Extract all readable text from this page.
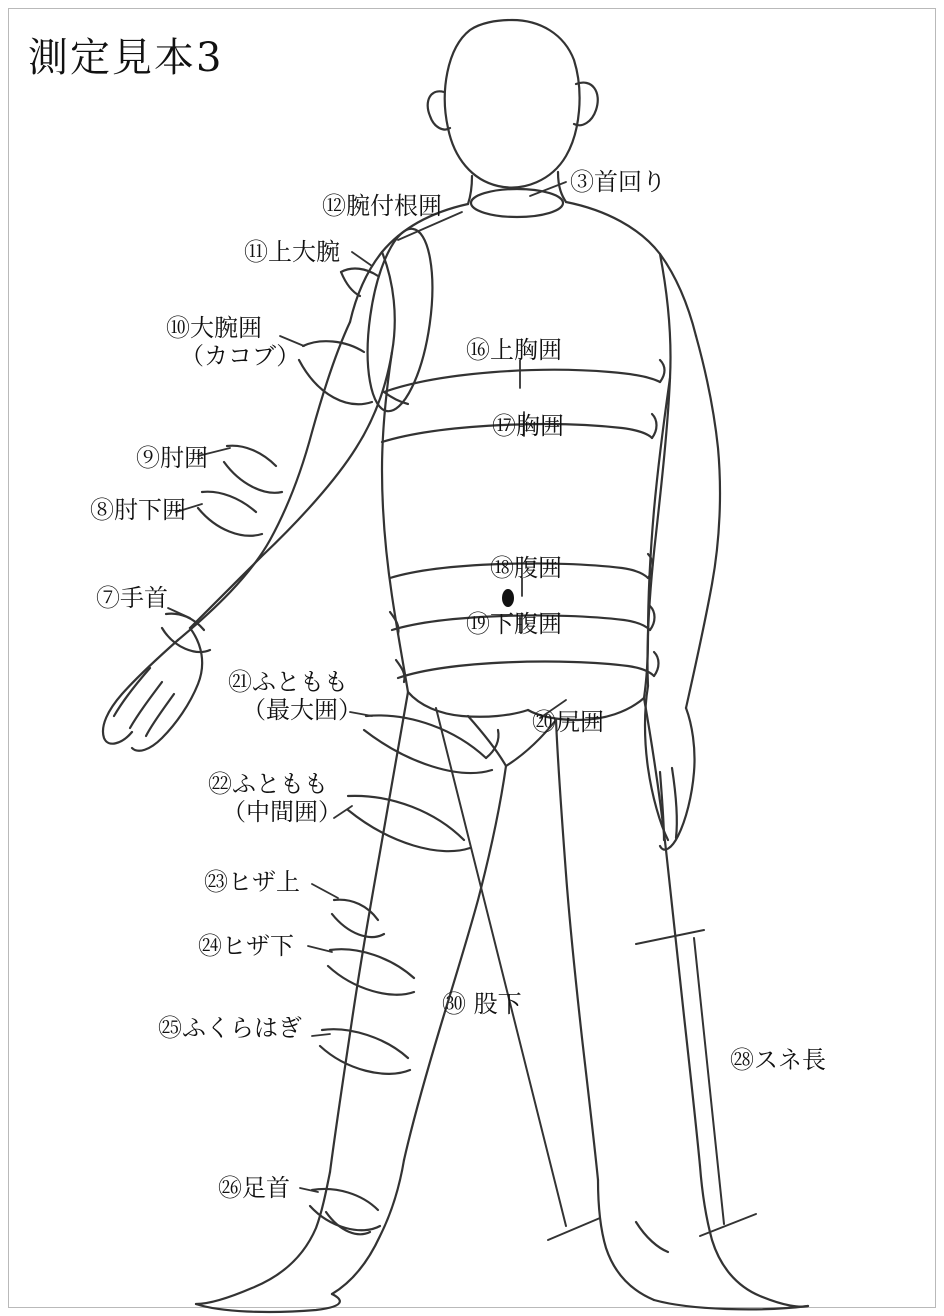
測定見本3
③首回り
⑫腕付根囲
⑪上大腕
⑩大腕囲
（カコブ）	⑯上胸囲
⑰胸囲
⑨肘囲
⑧肘下囲
⑱腹囲
⑦手首
⑲下腹囲
㉑ふともも
（最大囲）	⑳尻囲
㉒ふともも
（中間囲）
㉓ヒザ上
㉔ヒザ下
㉚ 股下
㉕ふくらはぎ
㉘スネ長
㉖足首
